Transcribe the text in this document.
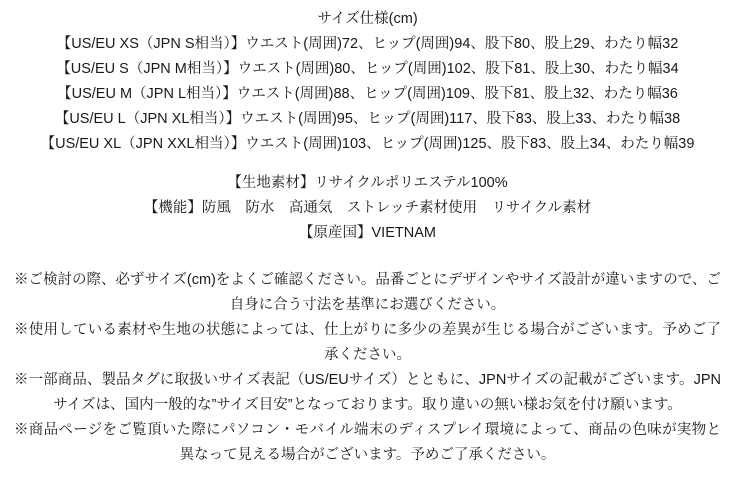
サイズ仕様(cm)
【US/EU XS（JPN S相当）】ウエスト(周囲)72、ヒップ(周囲)94、股下80、股上29、わたり幅32
【US/EU S（JPN M相当）】ウエスト(周囲)80、ヒップ(周囲)102、股下81、股上30、わたり幅34
【US/EU M（JPN L相当）】ウエスト(周囲)88、ヒップ(周囲)109、股下81、股上32、わたり幅36
【US/EU L（JPN XL相当）】ウエスト(周囲)95、ヒップ(周囲)117、股下83、股上33、わたり幅38
【US/EU XL（JPN XXL相当）】ウエスト(周囲)103、ヒップ(周囲)125、股下83、股上34、わたり幅39
【生地素材】リサイクルポリエステル100%
【機能】防風　防水　高通気　ストレッチ素材使用　リサイクル素材
【原産国】VIETNAM

※ご検討の際、必ずサイズ(cm)をよくご確認ください。品番ごとにデザインやサイズ設計が違いますので、ご自身に合う寸法を基準にお選びください。

※使用している素材や生地の状態によっては、仕上がりに多少の差異が生じる場合がございます。予めご了承ください。

※一部商品、製品タグに取扱いサイズ表記（US/EUサイズ）とともに、JPNサイズの記載がございます。JPNサイズは、国内一般的な”サイズ目安”となっております。取り違いの無い様お気を付け願います。

※商品ページをご覧頂いた際にパソコン・モバイル端末のディスプレイ環境によって、商品の色味が実物と異なって見える場合がございます。予めご了承ください。
